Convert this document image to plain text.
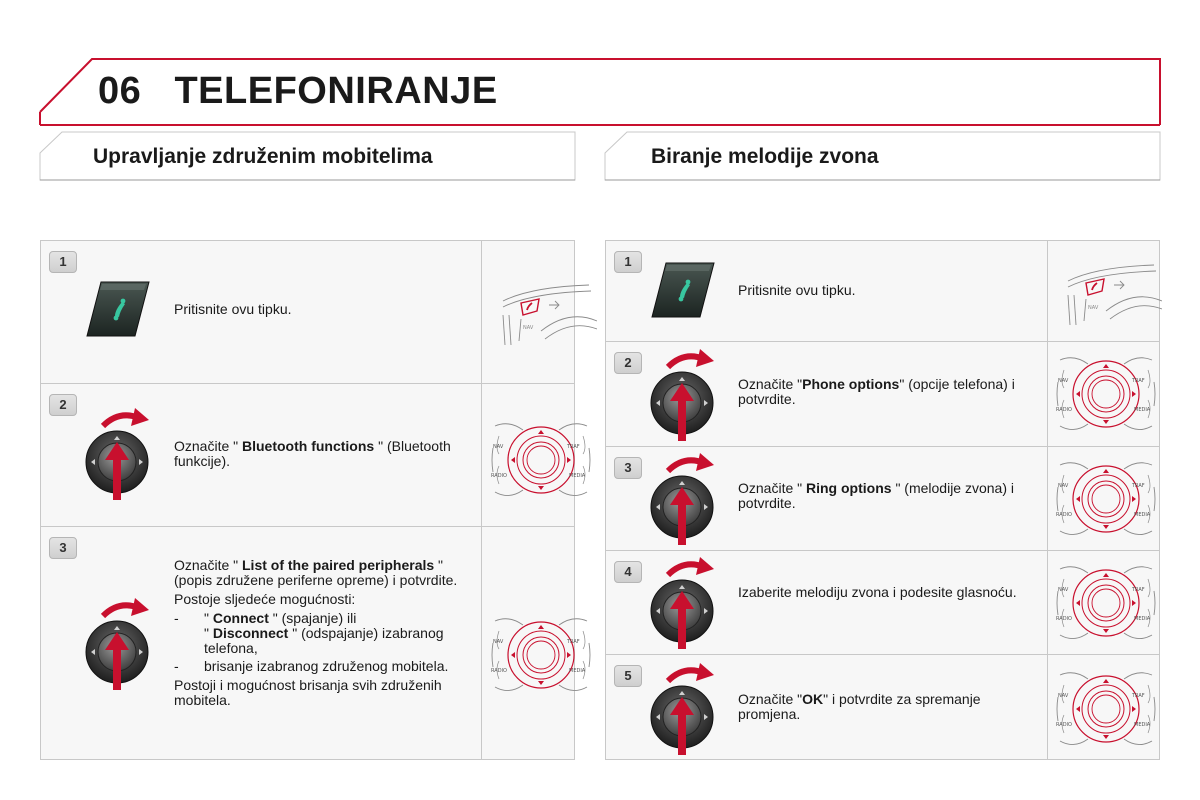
06 TELEFONIRANJE
Upravljanje združenim mobitelima	Biranje melodije zvona
1
Pritisnite ovu tipku.
NAV
2
Označite " Bluetooth functions " (Bluetooth funkcije).
NAV	TRAF
RADIO	MEDIA
3

Označite " List of the paired peripherals " (popis združene periferne opreme) i potvrdite.

Postoje sljedeće mogućnosti:

-	" Connect " (spajanje) ili
" Disconnect " (odspajanje) izabranog telefona,
-	brisanje izabranog združenog mobitela.

Postoji i mogućnost brisanja svih združenih mobitela.

NAV	TRAF
RADIO	MEDIA
1
Pritisnite ovu tipku.
NAV
2
Označite "Phone options" (opcije telefona) i potvrdite.
NAV	TRAF
RADIO	MEDIA
3
Označite " Ring options " (melodije zvona) i potvrdite.
NAV	TRAF
RADIO	MEDIA
4
Izaberite melodiju zvona i podesite glasnoću.	NAV	TRAF
RADIO	MEDIA
5
Označite "OK" i potvrdite za spremanje promjena.
NAV	TRAF
RADIO	MEDIA
